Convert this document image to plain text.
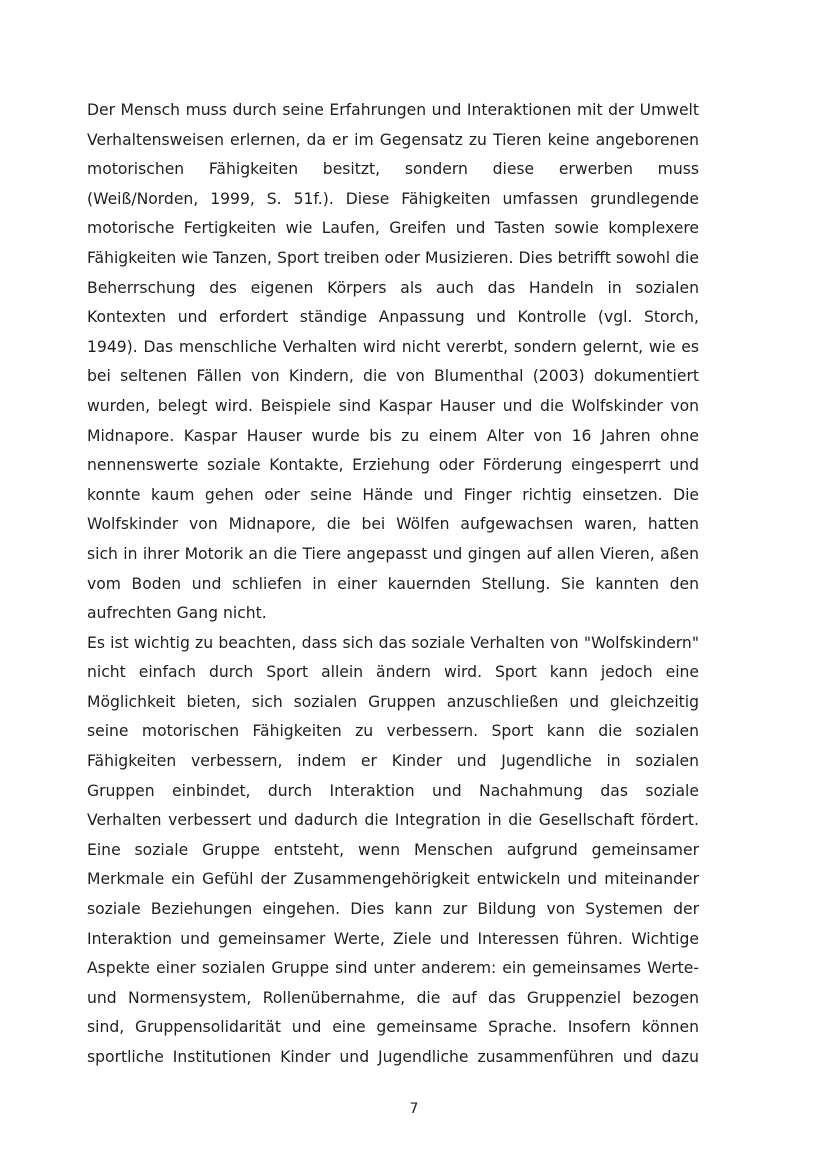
Der Mensch muss durch seine Erfahrungen und Interaktionen mit der Umwelt
Verhaltensweisen erlernen, da er im Gegensatz zu Tieren keine angeborenen
motorischen Fähigkeiten besitzt, sondern diese erwerben muss
(Weiß/Norden, 1999, S. 51f.). Diese Fähigkeiten umfassen grundlegende
motorische Fertigkeiten wie Laufen, Greifen und Tasten sowie komplexere
Fähigkeiten wie Tanzen, Sport treiben oder Musizieren. Dies betrifft sowohl die
Beherrschung des eigenen Körpers als auch das Handeln in sozialen
Kontexten und erfordert ständige Anpassung und Kontrolle (vgl. Storch,
1949). Das menschliche Verhalten wird nicht vererbt, sondern gelernt, wie es
bei seltenen Fällen von Kindern, die von Blumenthal (2003) dokumentiert
wurden, belegt wird. Beispiele sind Kaspar Hauser und die Wolfskinder von
Midnapore. Kaspar Hauser wurde bis zu einem Alter von 16 Jahren ohne
nennenswerte soziale Kontakte, Erziehung oder Förderung eingesperrt und
konnte kaum gehen oder seine Hände und Finger richtig einsetzen. Die
Wolfskinder von Midnapore, die bei Wölfen aufgewachsen waren, hatten
sich in ihrer Motorik an die Tiere angepasst und gingen auf allen Vieren, aßen
vom Boden und schliefen in einer kauernden Stellung. Sie kannten den
aufrechten Gang nicht.
Es ist wichtig zu beachten, dass sich das soziale Verhalten von "Wolfskindern"
nicht einfach durch Sport allein ändern wird. Sport kann jedoch eine
Möglichkeit bieten, sich sozialen Gruppen anzuschließen und gleichzeitig
seine motorischen Fähigkeiten zu verbessern. Sport kann die sozialen
Fähigkeiten verbessern, indem er Kinder und Jugendliche in sozialen
Gruppen einbindet, durch Interaktion und Nachahmung das soziale
Verhalten verbessert und dadurch die Integration in die Gesellschaft fördert.
Eine soziale Gruppe entsteht, wenn Menschen aufgrund gemeinsamer
Merkmale ein Gefühl der Zusammengehörigkeit entwickeln und miteinander
soziale Beziehungen eingehen. Dies kann zur Bildung von Systemen der
Interaktion und gemeinsamer Werte, Ziele und Interessen führen. Wichtige
Aspekte einer sozialen Gruppe sind unter anderem: ein gemeinsames Werte-
und Normensystem, Rollenübernahme, die auf das Gruppenziel bezogen
sind, Gruppensolidarität und eine gemeinsame Sprache. Insofern können
sportliche Institutionen Kinder und Jugendliche zusammenführen und dazu
7
